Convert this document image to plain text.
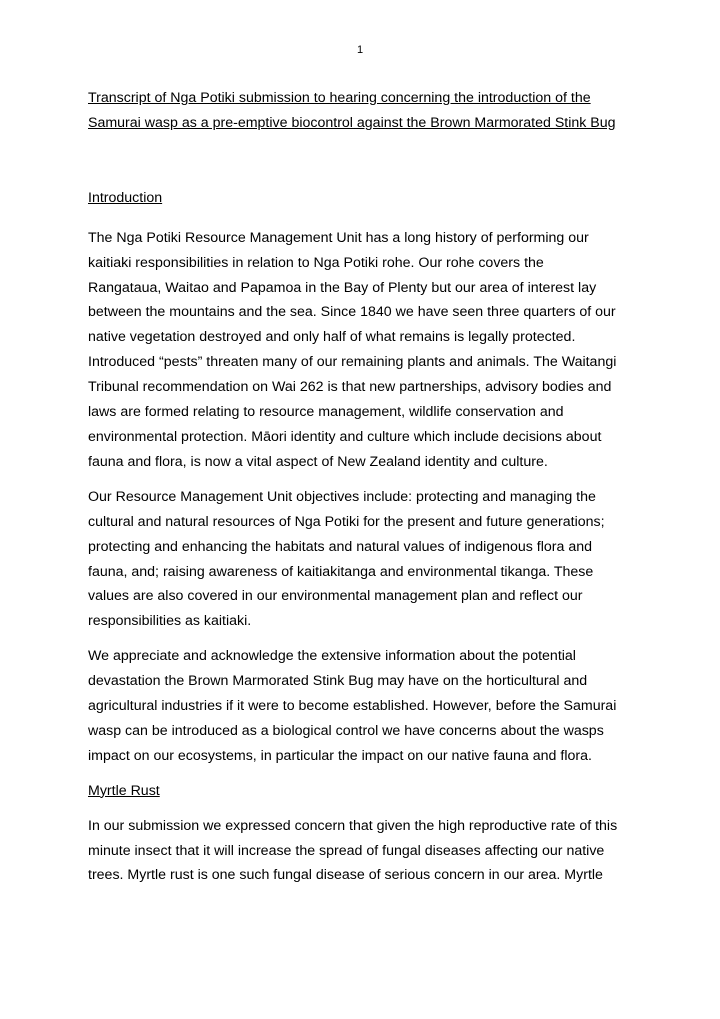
1

Transcript of Nga Potiki submission to hearing concerning the introduction of the
Samurai wasp as a pre-emptive biocontrol against the Brown Marmorated Stink Bug

Introduction

The Nga Potiki Resource Management Unit has a long history of performing our
kaitiaki responsibilities in relation to Nga Potiki rohe. Our rohe covers the
Rangataua, Waitao and Papamoa in the Bay of Plenty but our area of interest lay
between the mountains and the sea. Since 1840 we have seen three quarters of our
native vegetation destroyed and only half of what remains is legally protected.
Introduced “pests” threaten many of our remaining plants and animals. The Waitangi
Tribunal recommendation on Wai 262 is that new partnerships, advisory bodies and
laws are formed relating to resource management, wildlife conservation and
environmental protection. Māori identity and culture which include decisions about
fauna and flora, is now a vital aspect of New Zealand identity and culture.

Our Resource Management Unit objectives include: protecting and managing the
cultural and natural resources of Nga Potiki for the present and future generations;
protecting and enhancing the habitats and natural values of indigenous flora and
fauna, and; raising awareness of kaitiakitanga and environmental tikanga. These
values are also covered in our environmental management plan and reflect our
responsibilities as kaitiaki.

We appreciate and acknowledge the extensive information about the potential
devastation the Brown Marmorated Stink Bug may have on the horticultural and
agricultural industries if it were to become established. However, before the Samurai
wasp can be introduced as a biological control we have concerns about the wasps
impact on our ecosystems, in particular the impact on our native fauna and flora.

Myrtle Rust

In our submission we expressed concern that given the high reproductive rate of this
minute insect that it will increase the spread of fungal diseases affecting our native
trees. Myrtle rust is one such fungal disease of serious concern in our area. Myrtle
